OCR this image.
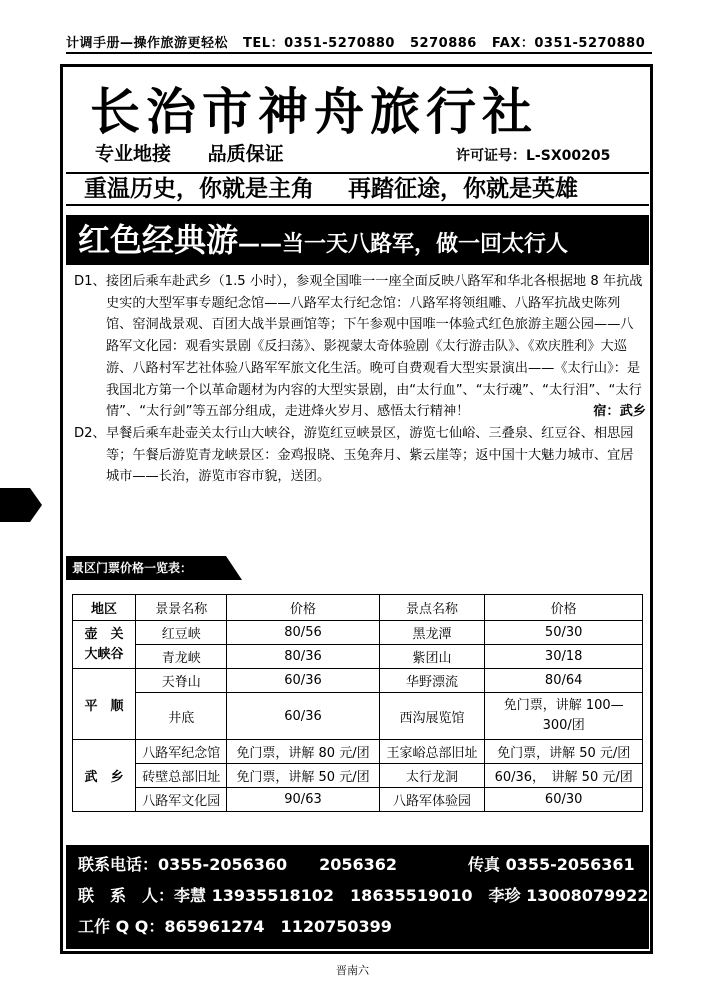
计调手册—操作旅游更轻松 TEL：0351-5270880 5270886 FAX：0351-5270880
长治市神舟旅行社
专业地接 品质保证	许可证号：L-SX00205
重温历史，你就是主角 再踏征途，你就是英雄
红色经典游——当一天八路军，做一回太行人
D1、 接团后乘车赴武乡（1.5 小时），参观全国唯一一座全面反映八路军和华北各根据地 8 年抗战史实的大型军事专题纪念馆——八路军太行纪念馆：八路军将领组雕、八路军抗战史陈列馆、窑洞战景观、百团大战半景画馆等；下午参观中国唯一体验式红色旅游主题公园——八路军文化园：观看实景剧《反扫荡》、影视蒙太奇体验剧《太行游击队》、《欢庆胜利》大巡游、八路村军艺社体验八路军军旅文化生活。晚可自费观看大型实景演出——《太行山》：是我国北方第一个以革命题材为内容的大型实景剧，由“太行血”、“太行魂”、“太行泪”、“太行情”、“太行剑”等五部分组成，走进烽火岁月、感悟太行精神！	宿：武乡
D2、 早餐后乘车赴壶关太行山大峡谷，游览红豆峡景区，游览七仙峪、三叠泉、红豆谷、相思园等；午餐后游览青龙峡景区：金鸡报晓、玉兔奔月、紫云崖等；返中国十大魅力城市、宜居城市——长治，游览市容市貌，送团。
景区门票价格一览表：
地区	景景名称	价格	景点名称	价格
壶　关
大峡谷	红豆峡	80/56	黑龙潭	50/30
	青龙峡	80/36	紫团山	30/18
平　顺	天脊山	60/36	华野漂流	80/64
	井底	60/36	西沟展览馆	免门票，讲解 100—
300/团
武　乡	八路军纪念馆	免门票，讲解 80 元/团	王家峪总部旧址	免门票，讲解 50 元/团
	砖壁总部旧址	免门票，讲解 50 元/团	太行龙洞	60/36，　讲解 50 元/团
	八路军文化园	90/63	八路军体验园	60/30
联系电话：0355-2056360　　2056362	传真 0355-2056361
联　系　人：李慧 13935518102　18635519010　李珍 13008079922
工作 Q Q：865961274　1120750399
晋南六
